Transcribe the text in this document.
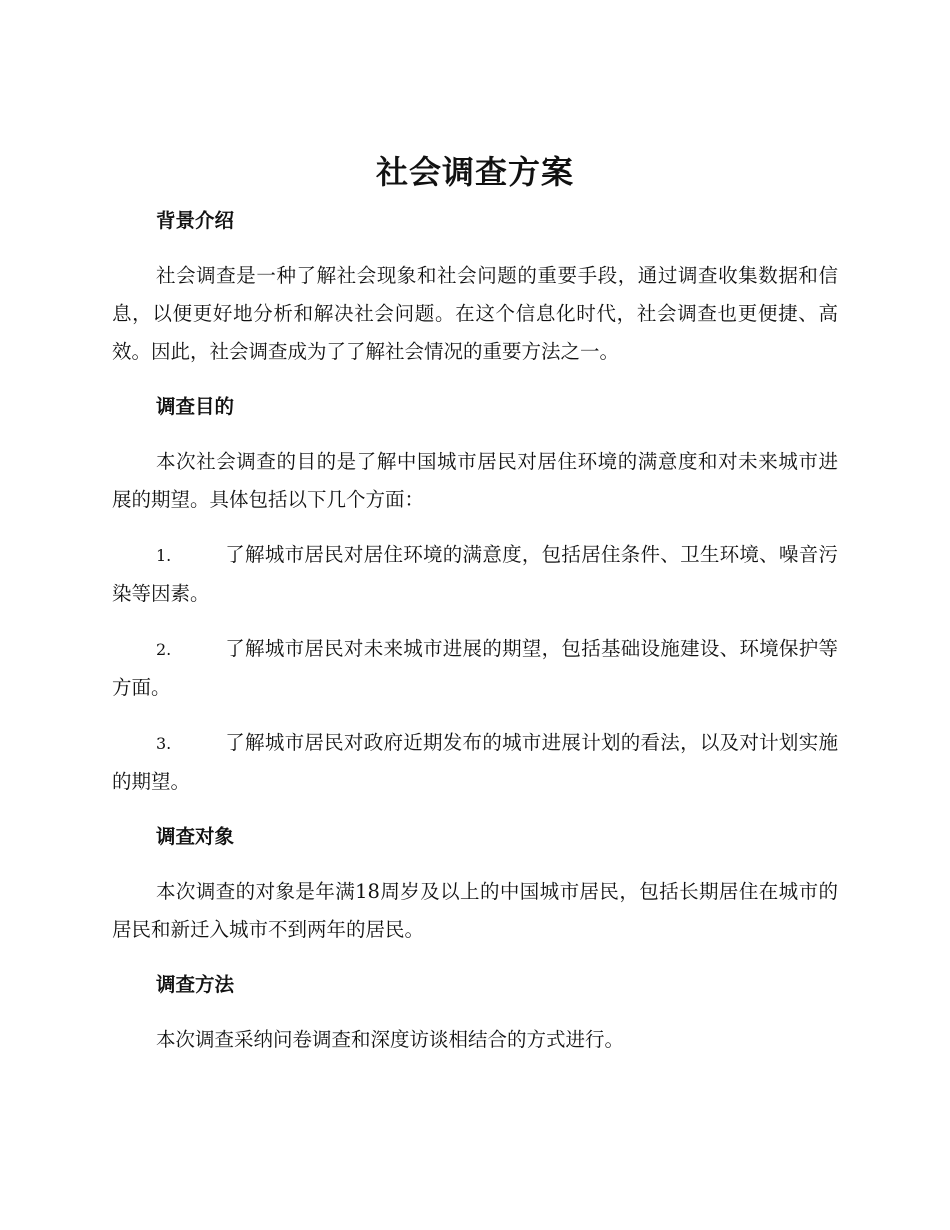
社会调查方案
背景介绍

社会调查是一种了解社会现象和社会问题的重要手段，通过调查收集数据和信息，以便更好地分析和解决社会问题。在这个信息化时代，社会调查也更便捷、高效。因此，社会调查成为了了解社会情况的重要方法之一。

调查目的

本次社会调查的目的是了解中国城市居民对居住环境的满意度和对未来城市进展的期望。具体包括以下几个方面：

1.	了解城市居民对居住环境的满意度，包括居住条件、卫生环境、噪音污染等因素。

2.	了解城市居民对未来城市进展的期望，包括基础设施建设、环境保护等方面。

3.	了解城市居民对政府近期发布的城市进展计划的看法，以及对计划实施的期望。

调查对象

本次调查的对象是年满18周岁及以上的中国城市居民，包括长期居住在城市的居民和新迁入城市不到两年的居民。

调查方法

本次调查采纳问卷调查和深度访谈相结合的方式进行。
